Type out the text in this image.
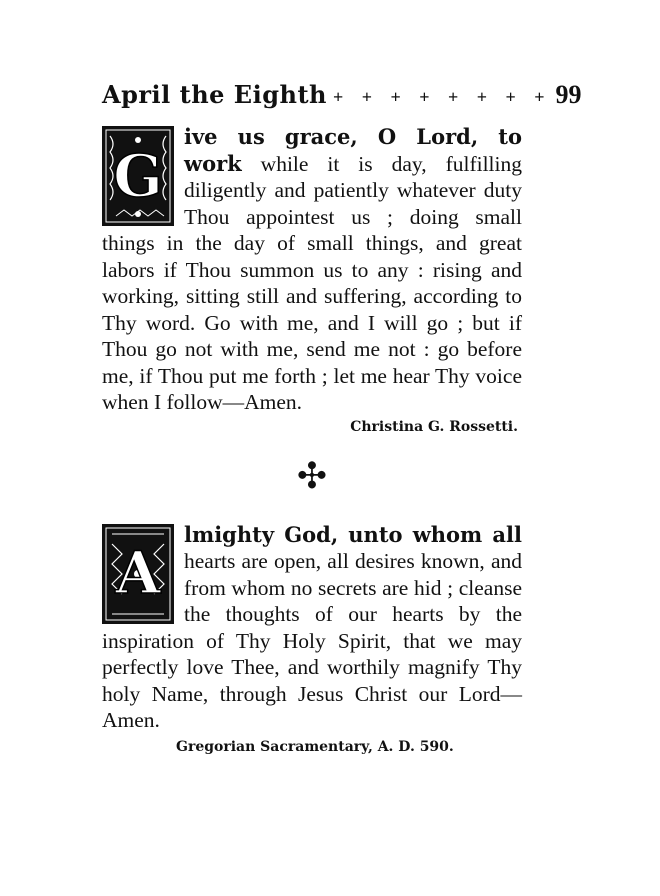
April the Eighth + + + + + + + + 99
G
ive us grace, O Lord, to work while it is day, fulfilling diligently and patiently whatever duty Thou appointest us ; doing small things in the day of small things, and great labors if Thou summon us to any : rising and working, sitting still and suffering, according to Thy word. Go with me, and I will go ; but if Thou go not with me, send me not : go before me, if Thou put me forth ; let me hear Thy voice when I follow—Amen.
Christina G. Rossetti.
✣
A
lmighty God, unto whom all hearts are open, all desires known, and from whom no secrets are hid ; cleanse the thoughts of our hearts by the inspiration of Thy Holy Spirit, that we may perfectly love Thee, and worthily magnify Thy holy Name, through Jesus Christ our Lord—Amen.
Gregorian Sacramentary, A. D. 590.
